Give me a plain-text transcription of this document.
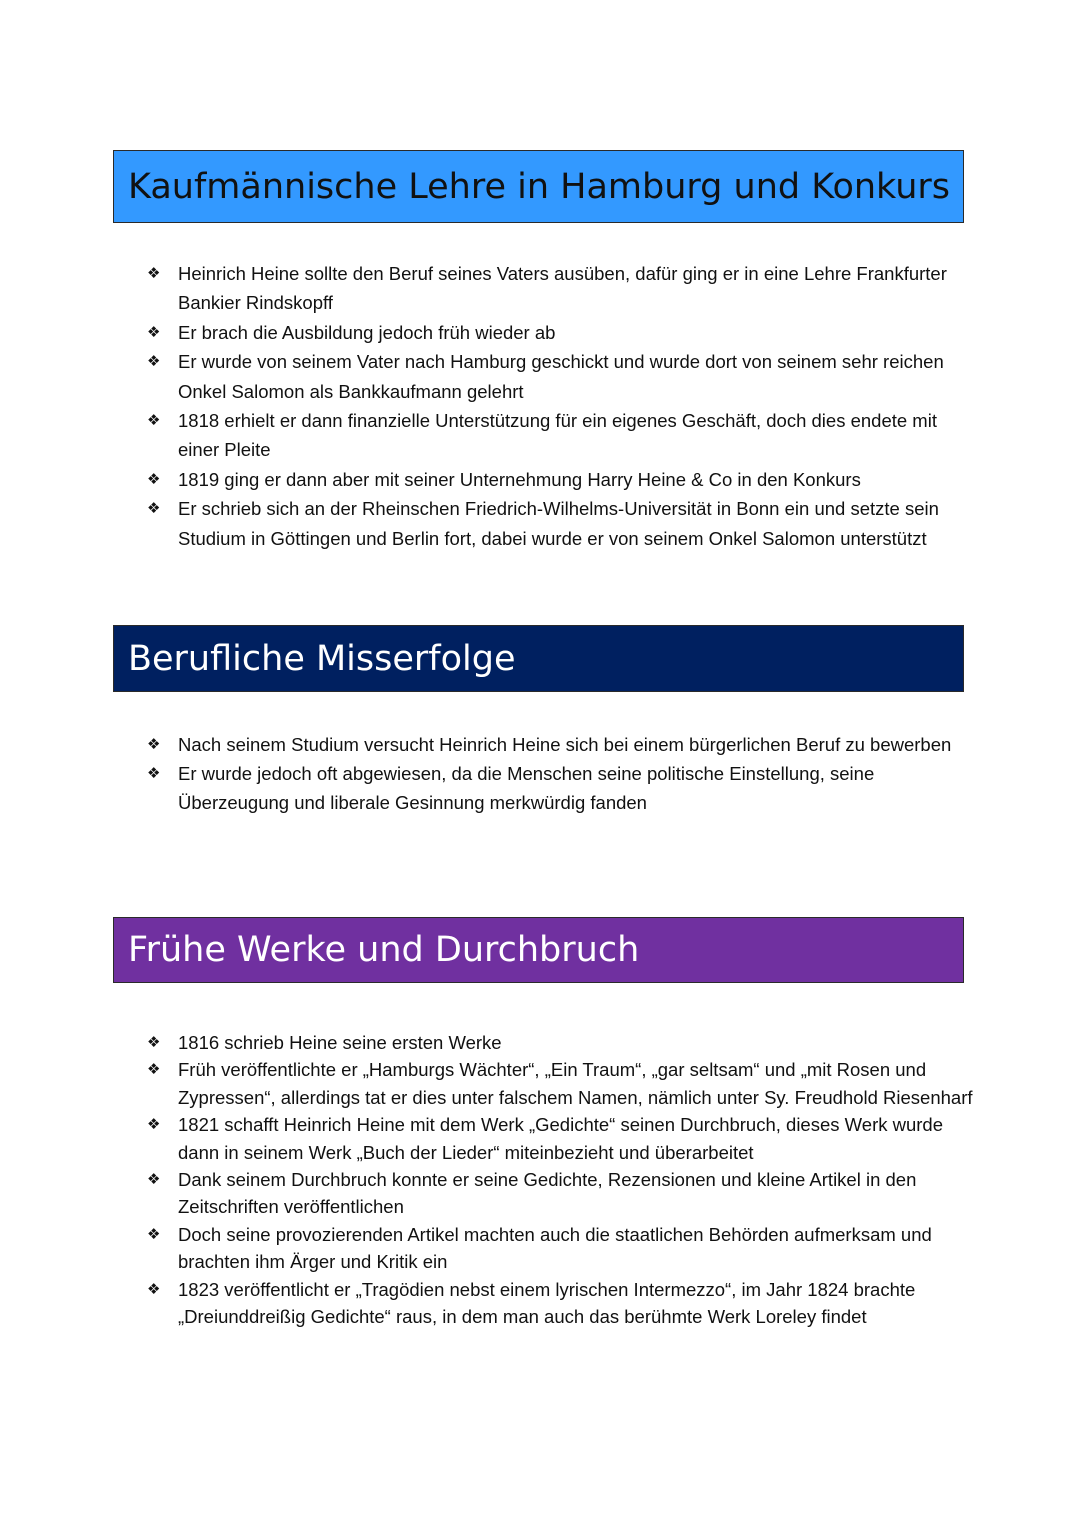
Kaufmännische Lehre in Hamburg und Konkurs
❖ Heinrich Heine sollte den Beruf seines Vaters ausüben, dafür ging er in eine Lehre Frankfurter Bankier Rindskopff
❖ Er brach die Ausbildung jedoch früh wieder ab
❖ Er wurde von seinem Vater nach Hamburg geschickt und wurde dort von seinem sehr reichen Onkel Salomon als Bankkaufmann gelehrt
❖ 1818 erhielt er dann finanzielle Unterstützung für ein eigenes Geschäft, doch dies endete mit einer Pleite
❖ 1819 ging er dann aber mit seiner Unternehmung Harry Heine & Co in den Konkurs
❖ Er schrieb sich an der Rheinschen Friedrich-Wilhelms-Universität in Bonn ein und setzte sein Studium in Göttingen und Berlin fort, dabei wurde er von seinem Onkel Salomon unterstützt
Berufliche Misserfolge
❖ Nach seinem Studium versucht Heinrich Heine sich bei einem bürgerlichen Beruf zu bewerben
❖ Er wurde jedoch oft abgewiesen, da die Menschen seine politische Einstellung, seine Überzeugung und liberale Gesinnung merkwürdig fanden
Frühe Werke und Durchbruch
❖ 1816 schrieb Heine seine ersten Werke
❖ Früh veröffentlichte er „Hamburgs Wächter“, „Ein Traum“, „gar seltsam“ und „mit Rosen und Zypressen“, allerdings tat er dies unter falschem Namen, nämlich unter Sy. Freudhold Riesenharf
❖ 1821 schafft Heinrich Heine mit dem Werk „Gedichte“ seinen Durchbruch, dieses Werk wurde dann in seinem Werk „Buch der Lieder“ miteinbezieht und überarbeitet
❖ Dank seinem Durchbruch konnte er seine Gedichte, Rezensionen und kleine Artikel in den Zeitschriften veröffentlichen
❖ Doch seine provozierenden Artikel machten auch die staatlichen Behörden aufmerksam und brachten ihm Ärger und Kritik ein
❖ 1823 veröffentlicht er „Tragödien nebst einem lyrischen Intermezzo“, im Jahr 1824 brachte „Dreiunddreißig Gedichte“ raus, in dem man auch das berühmte Werk Loreley findet
